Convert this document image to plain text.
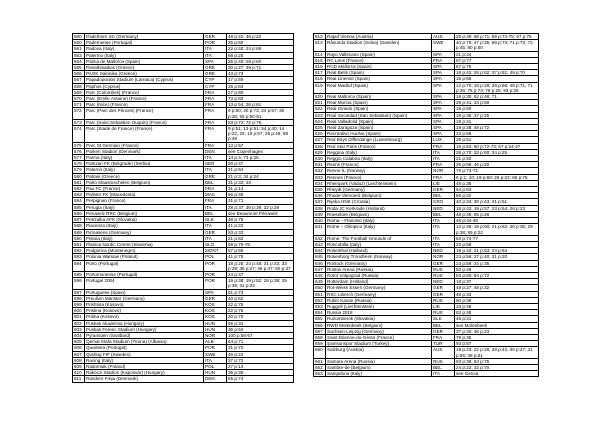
560	Paderborn SC (Germany)	GER	48 p:22; 46 p:22
560	Padernense (Portugal)	POR	25 p:60
561	Padova (Italy)	ITA	22 p:40; 24 p:68
563	Palermo (Italy)	ITA	66 p:25
564	Palma de Mallorca (Spain)	SPA	25 p:40; 28 p:60
565	Panathinaikos (Greece)	GRE	30 p:27; 39 p:71
566	PAOK Salonika (Greece)	GRE	43 p:73
567	Papadopoulos Stadium (Larnaca) (Cyprus)	CYP	17 p:69
568	Paphos (Cyprus)	CYP	26 p:84
569	Parc (Colombes) (France)	FRA	27 p:60
570	Parc (Emile Antoine) (France)	FRA	73 p:60
571	Parc (Nice) (France)	FRA	13 p:54; 26 p:61
572	Parc (Parc des Princes) (France)	FRA	9 p:50; 20 p:73; 24 p:57; 30 p:26; 55 p:50-51
573	Parc (Saint Sebastien Ouquin) (France)	FRA	53 p:72; 72 p:75
574	Parc (Stade de France) (France)	FRA	9 p:51; 13 p:51; 54 p:40; 14 p:22, 25; 19 p:57; 26 p:49; 88 p:49
575	Parc St Germain (France)	FRA	13 p:57
576	Parken Stadion (Denmark)	DEN	see Copenhagen
577	Parma (Italy)	ITA	14 p:4; 73 p:25
578	Partizan FK (Belgrade) (Serbia)	SER	50 p:47
579	Paternò (Italy)	ITA	21 p:64
580	Patrasi (Greece)	GRE	21 p:3; 34 p:24
581	Patro Maasmechelen (Belgium)	BEL	31 p:32; 33
582	Pau FC (France)	FRA	31 p:14
583	Pelister FK (Macedonia)	MAC	56 p:48
584	Perpignan (France)	FRA	31 p:71
585	Perugia (Italy)	ITA	28 p:37; 30 p:39; 32 p:29
586	Peruwelz RRC (Belgium)	BEL	see Beaumont Péruwelz
587	Petrzalka AFK (Slovakia)	SLK	48 p:75
588	Piacenza (Italy)	ITA	41 p:22
589	Pirmasens (Germany)	GER	53 p:33
590	Pistoia (Italy)	ITA	21 p:62
591	Planica Nordic Centre (Slovenia)	SLO	69 p:75-76
592	Podgorica (Montenegro)	MONT	67 p:66
593	Polonia Warsaw (Poland)	POL	41 p:75
594	Porto (Portugal)	POR	18 p:25; 24 p:48; 31 p:33; 33 p:29; 35 p:27; 36 p:47; 50 p:37
595	Portomonense (Portugal)	POR	24 p:47
596	Portugal 2004	POR	19 p:38; 19 p:52; 26 p:38; 29 p:38; 31 p:33
597	Portuguese (Spain)	SPA	61 p:73
598	Preußen Münster (Germany)	GER	40 p:62
599	Prishtina (Kosovo)	KOS	22 p:75
600	Pristina (Kosovo)	KOS	22 p:75
601	Pritina (Kosovo)	KOS	20 p:70
602	Puskas Akademia (Hungary)	HUN	66 p:34
603	Puskas Ferenc Stadium (Hungary)	HUN	36 p:64
604	Pyramiden (Svalbard)	NOR	100 p:56-57
605	Qemal Stafa Stadium (Tirana) (Albania)	ALB	64 p:71
606	Quarteira (Portugal)	POR	31 p:70
607	Qviding FIF (Sweden)	SWE	46 p:22
608	Racing (Italy)	ITA	37 p:72
609	Radomiak (Poland)	POL	27 p:13
610	Rákóczi Stadion (Kaposvár) (Hungary)	HUN	35 p:39
611	Randers Freja (Denmark)	DEN	55 p:74
612	Rapid Vienna (Austria)	AUS	26 p:49; 68 p:71; 69 p:74-75; 97 p:75
613	Råsunda Stadion (Solna) (Sweden)	SWE	40 p:76; 47 p:35; 68 p:73; 71 p:73; 72 p:45; 80 p:50
614	Rayo Vallecano (Spain)	SPA	21 p:44
615	RC Lens (France)	FRA	67 p:77
616	RCD Mallorca (Spain)	SPA	67 p:75
617	Real Betis (Spain)	SPA	18 p:42; 26 p:62; 37 p:61; 49 p:70
618	Real Linense (Spain)	SPA	15 p:66
619	Real Madrid (Spain)	SPA	12 p:70; 18 p:28; 26 p:66; 48 p:71; 71 p:26; 75 p:73; 76 p:25; 93 p:26
620	Real Mallorca (Spain)	SPA	18 p:30; 62 p:48; 71
621	Real Murcia (Spain)	SPA	28 p:41; 34 p:59
622	Real Oviedo (Spain)	SPA	18 p:60
623	Real Sociedad (San Sebastian) (Spain)	SPA	18 p:35; 27 p:25
624	Real Valladolid (Spain)	SPA	18 p:41
625	Real Zaragoza (Spain)	SPA	18 p:38; 48 p:72
626	Recreativo Huelva (Spain)	SPA	23 p:59
627	Red Boys Differdange (Luxembourg)	LUX	29 p:51
628	Red Star Paris (France)	FRA	15 p:63; 60 p:72-73; 67 p:24-27
629	Reggina (Italy)	ITA	28 p:70; 33 p:60; 34 p:25
630	Reggio Calabria (Italy)	ITA	21 p:50
631	Reims (France)	FRA	25 p:56; 46 p:20
632	Renne IL (Norway)	NOR	76 p:73-72
633	Rennes (France)	FRA	6 p:1; 10; 19 p:60; 26 p:22; 65 p:75
634	Rheinpark (Vaduz) (Liechtenstein)	LIE	48 p:38
635	Rheydt (Germany)	GER	64 p:63
636	Rhode-Vervoerd (Belgium)	BEL	56 p:22
637	Rijeka HNK (Croatia)	CRO	40 p:34; 30 p:43; 31 p:51
638	Roda JC Kerkrade (Holland)	NED	18 p:42; 19 p:57; 23 p:64; 26 p:23
639	Roeselare (Belgium)	BEL	48 p:45; 65 p:28
640	Roma – Flaminio (Italy)	ITA	46 p:44-45
641	Rome – Olimpico (Italy)	ITA	12 p:38; 19 p:60; 21 p:62; 26 p:38; 29 p:38; 59 p:22
642	Rome: The Football Grounds of	ITA	63 p:74-77
643	Roncobilla (Italy)	ITA	23 p:58
644	Rosenthal (Holland)	NED	18 p:42; 21 p:53; 23 p:64
645	Rosenborg Trondheim (Norway)	NOR	23 p:56; 27 p:40; 31 p:20
646	Rostock (Germany)	GER	23 p:59; 24 p:35
647	Rostov Arena (Russia)	RUS	53 p:49
648	Rotor Volgograd (Russia)	RUS	83 p:60; 84 p:72
649	Rotterdam (Holland)	NED	18 p:37
650	Rot-Weiss Essen (Germany)	GER	48 p:27; 48 p:32
651	RSC Liberch (Germany)	GER	49 p:33
652	Rubin Kazan (Russia)	RUS	60 p:38
653	Ruggell (Liechtenstein)	LIE	33 p:48
654	Russia 2018	RUS	83 p:48
655	Ruzomberok (Slovakia)	SLK	46 p:21
656	RWD Molenbeek (Belgium)	BEL	see Molenbeek
657	Sachsen Leipzig (Germany)	GER	37 p:40; 36 p:23
658	Saint-Étienne-du-Gères (France)	FRA	79 p:35
659	Şamsunspor Stadium (Turkey)	TUR	93 p:57
660	Salzburg (Austria)	AUS	18 p:23; 22 p:28; 28 p:42; 30 p:27; 31 p:55; 39 p:61
661	Samara Arena (Russia)	RUS	83 p:36; 84 p:75
662	Sambre-de (Belgium)	BEL	24 p:22; 32 p:70
663	Sampdoria (Italy)	ITA	see Genoa
